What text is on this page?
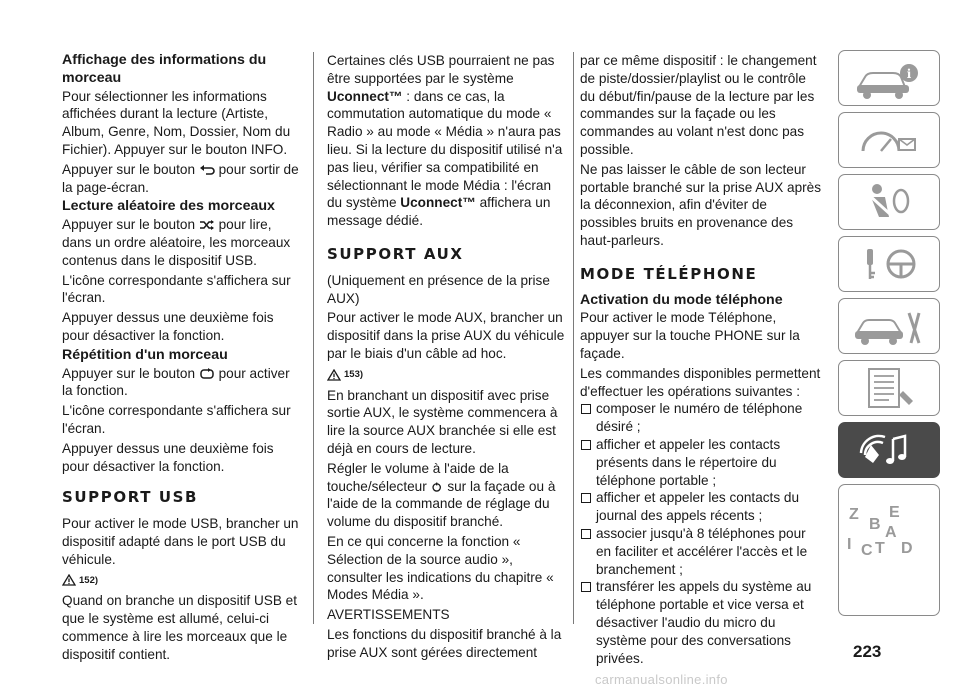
Affichage des informations du morceau

Pour sélectionner les informations affichées durant la lecture (Artiste, Album, Genre, Nom, Dossier, Nom du Fichier). Appuyer sur le bouton INFO.

Appuyer sur le bouton pour sortir de la page-écran.

Lecture aléatoire des morceaux

Appuyer sur le bouton pour lire, dans un ordre aléatoire, les morceaux contenus dans le dispositif USB.

L'icône correspondante s'affichera sur l'écran.

Appuyer dessus une deuxième fois pour désactiver la fonction.

Répétition d'un morceau

Appuyer sur le bouton pour activer la fonction.

L'icône correspondante s'affichera sur l'écran.

Appuyer dessus une deuxième fois pour désactiver la fonction.

SUPPORT USB

Pour activer le mode USB, brancher un dispositif adapté dans le port USB du véhicule.

152)

Quand on branche un dispositif USB et que le système est allumé, celui-ci commence à lire les morceaux que le dispositif contient.

Certaines clés USB pourraient ne pas être supportées par le système

Uconnect™ : dans ce cas, la commutation automatique du mode « Radio » au mode « Média » n'aura pas lieu. Si la lecture du dispositif utilisé n'a pas lieu, vérifier sa compatibilité en sélectionnant le mode Média : l'écran du système Uconnect™ affichera un message dédié.

SUPPORT AUX

(Uniquement en présence de la prise AUX)

Pour activer le mode AUX, brancher un dispositif dans la prise AUX du véhicule par le biais d'un câble ad hoc.

153)

En branchant un dispositif avec prise sortie AUX, le système commencera à lire la source AUX branchée si elle est déjà en cours de lecture.

Régler le volume à l'aide de la touche/sélecteur sur la façade ou à l'aide de la commande de réglage du volume du dispositif branché.

En ce qui concerne la fonction « Sélection de la source audio », consulter les indications du chapitre « Modes Média ».

AVERTISSEMENTS

Les fonctions du dispositif branché à la prise AUX sont gérées directement

par ce même dispositif : le changement de piste/dossier/playlist ou le contrôle du début/fin/pause de la lecture par les commandes sur la façade ou les commandes au volant n'est donc pas possible.

Ne pas laisser le câble de son lecteur portable branché sur la prise AUX après la déconnexion, afin d'éviter de possibles bruits en provenance des haut-parleurs.

MODE TÉLÉPHONE
Activation du mode téléphone

Pour activer le mode Téléphone, appuyer sur la touche PHONE sur la façade.

Les commandes disponibles permettent d'effectuer les opérations suivantes :

composer le numéro de téléphone désiré ;
afficher et appeler les contacts présents dans le répertoire du téléphone portable ;
afficher et appeler les contacts du journal des appels récents ;
associer jusqu'à 8 téléphones pour en faciliter et accélérer l'accès et le branchement ;
transférer les appels du système au téléphone portable et vice versa et désactiver l'audio du micro du système pour des conversations privées.
i
Z E
B A
I C T D
223
carmanualsonline.info
